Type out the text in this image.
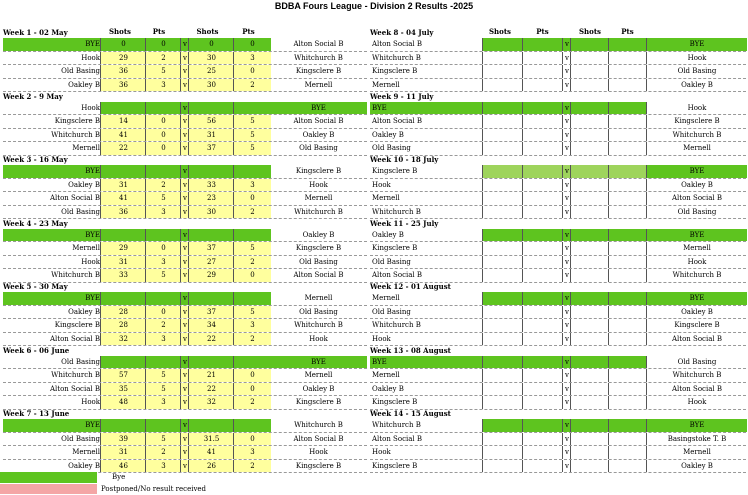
BDBA Fours League - Division 2 Results -2025
Shots	Pts	Shots	Pts	Shots	Pts	Shots	Pts
Week 1 - 02 May
BYE	0	0	v	0	0	Alton Social B
Hook	29	2	v	30	3	Whitchurch B
Old Basing	36	5	v	25	0	Kingsclere B
Oakley B	36	3	v	30	2	Mernell
Week 2 - 9 May
Hook	v	BYE
Kingsclere B	14	0	v	56	5	Alton Social B
Whitchurch B	41	0	v	31	5	Oakley B
Mernell	22	0	v	37	5	Old Basing
Week 3 - 16 May
BYE	v	Kingsclere B
Oakley B	31	2	v	33	3	Hook
Alton Social B	41	5	v	23	0	Mernell
Old Basing	36	3	v	30	2	Whitchurch B
Week 4 - 23 May
BYE	v	Oakley B
Mernell	29	0	v	37	5	Kingsclere B
Hook	31	3	v	27	2	Old Basing
Whitchurch B	33	5	v	29	0	Alton Social B
Week 5 - 30 May
BYE	v	Mernell
Oakley B	28	0	v	37	5	Old Basing
Kingsclere B	28	2	v	34	3	Whitchurch B
Alton Social B	32	3	v	22	2	Hook
Week 6 - 06 June
Old Basing	v	BYE
Whitchurch B	57	5	v	21	0	Mernell
Alton Social B	35	5	v	22	0	Oakley B
Hook	48	3	v	32	2	Kingsclere B
Week 7 - 13 June
BYE	v	Whitchurch B
Old Basing	39	5	v	31.5	0	Alton Social B
Mernell	31	2	v	41	3	Hook
Oakley B	46	3	v	26	2	Kingsclere B
Week 8 - 04 July
Alton Social B	v	BYE
Whitchurch B	v	Hook
Kingsclere B	v	Old Basing
Mernell	v	Oakley B
Week 9 - 11 July
BYE	v	Hook
Alton Social B	v	Kingsclere B
Oakley B	v	Whitchurch B
Old Basing	v	Mernell
Week 10 - 18 July
Kingsclere B	v	BYE
Hook	v	Oakley B
Mernell	v	Alton Social B
Whitchurch B	v	Old Basing
Week 11 - 25 July
Oakley B	v	BYE
Kingsclere B	v	Mernell
Old Basing	v	Hook
Alton Social B	v	Whitchurch B
Week 12 - 01 August
Mernell	v	BYE
Old Basing	v	Oakley B
Whitchurch B	v	Kingsclere B
Hook	v	Alton Social B
Week 13 - 08 August
BYE	v	Old Basing
Mernell	v	Whitchurch B
Oakley B	v	Alton Social B
Kingsclere B	v	Hook
Week 14 - 15 August
Whitchurch B	v	BYE
Alton Social B	v	Basingstoke T. B
Hook	v	Mernell
Kingsclere B	v	Oakley B
Bye
Postponed/No result received
